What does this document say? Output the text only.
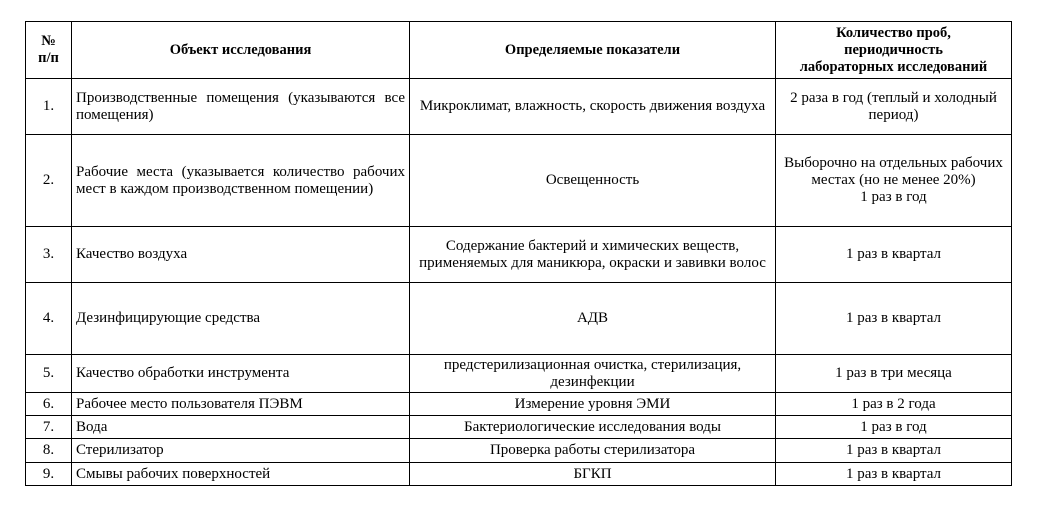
№
п/п	Объект исследования	Определяемые показатели	Количество проб,
периодичность
лабораторных исследований

1.	Производственные помещения (указываются все помещения)	Микроклимат, влажность, скорость движения воздуха	2 раза в год (теплый и холодный период)
2.	Рабочие места (указывается количество рабочих мест в каждом производственном помещении)	Освещенность	Выборочно на отдельных рабочих местах (но не менее 20%)
1 раз в год

3.	Качество воздуха	Содержание бактерий и химических веществ, применяемых для маникюра, окраски и завивки волос	1 раз в квартал
4.	Дезинфицирующие средства	АДВ	1 раз в квартал
5.	Качество обработки инструмента	предстерилизационная очистка, стерилизация, дезинфекции	1 раз в три месяца
6.	Рабочее место пользователя ПЭВМ	Измерение уровня ЭМИ	1 раз в 2 года
7.	Вода	Бактериологические исследования воды	1 раз в год
8.	Стерилизатор	Проверка работы стерилизатора	1 раз в квартал
9.	Смывы рабочих поверхностей	БГКП	1 раз в квартал
